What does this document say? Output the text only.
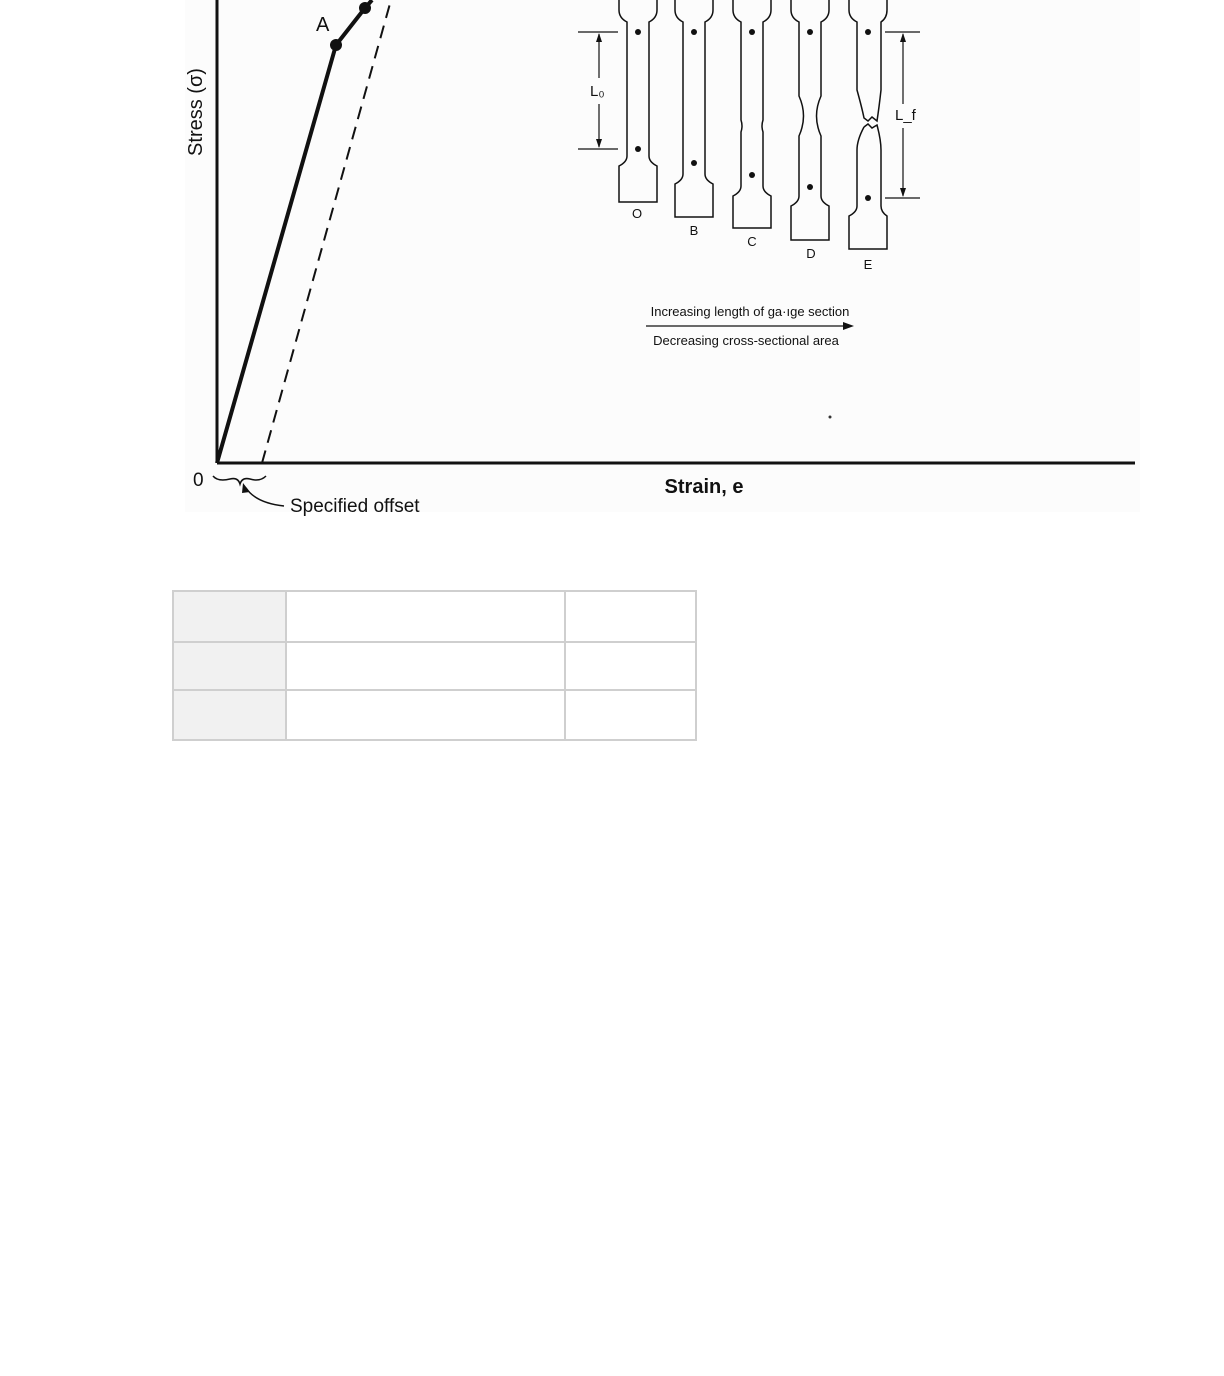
Stress (σ)
Strain, e
0
Specified offset
A
L₀
L_f
O
B
C
D
E
Increasing length of ga·ıge section
Decreasing cross-sectional area
